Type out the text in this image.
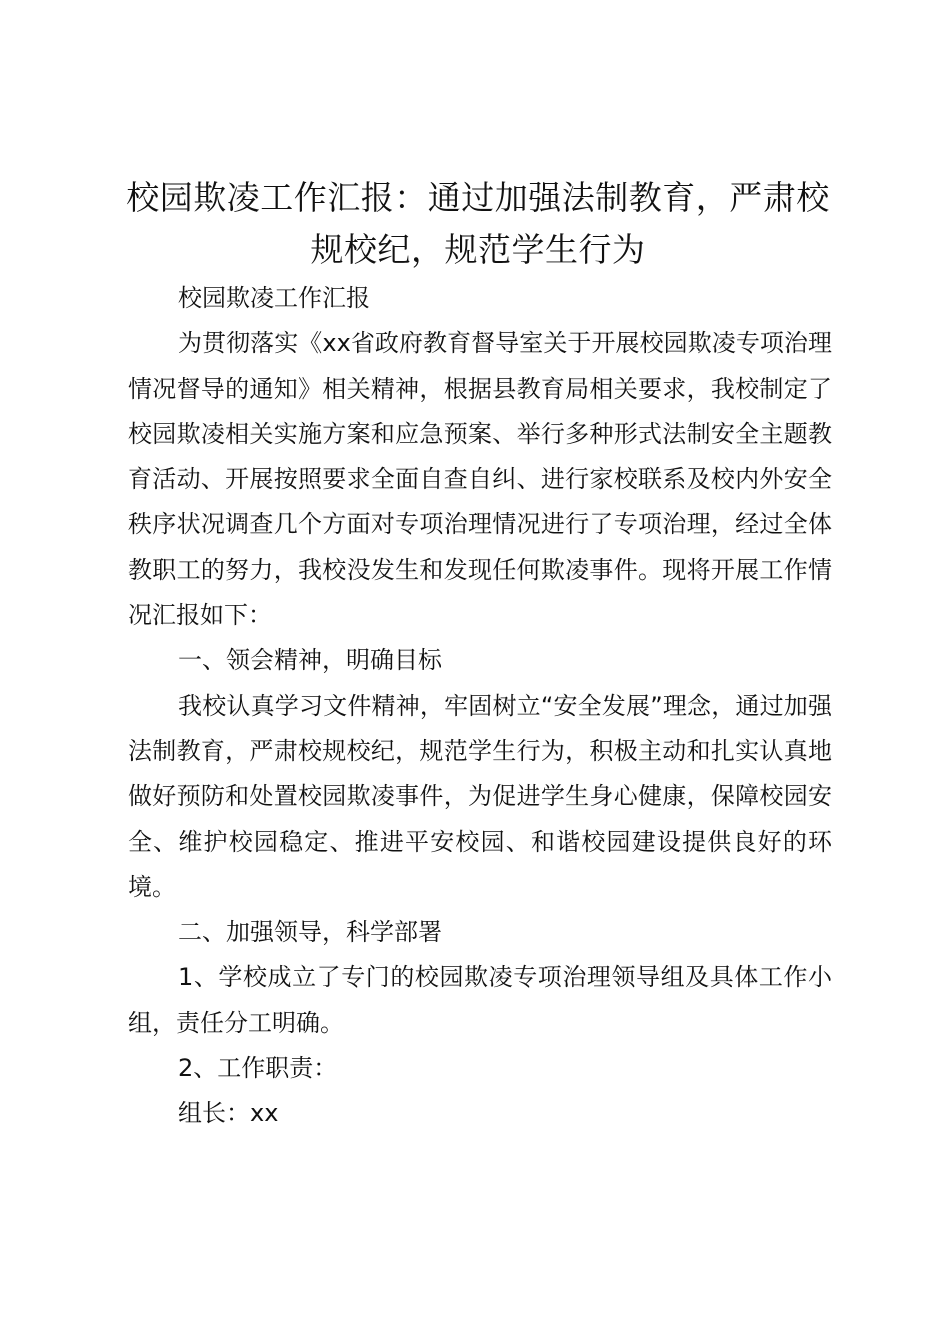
校园欺凌工作汇报：通过加强法制教育，严肃校规校纪，规范学生行为

校园欺凌工作汇报

为贯彻落实《xx省政府教育督导室关于开展校园欺凌专项治理情况督导的通知》相关精神，根据县教育局相关要求，我校制定了校园欺凌相关实施方案和应急预案、举行多种形式法制安全主题教育活动、开展按照要求全面自查自纠、进行家校联系及校内外安全秩序状况调查几个方面对专项治理情况进行了专项治理，经过全体教职工的努力，我校没发生和发现任何欺凌事件。现将开展工作情况汇报如下：

一、领会精神，明确目标

我校认真学习文件精神，牢固树立“安全发展”理念，通过加强法制教育，严肃校规校纪，规范学生行为，积极主动和扎实认真地做好预防和处置校园欺凌事件，为促进学生身心健康，保障校园安全、维护校园稳定、推进平安校园、和谐校园建设提供良好的环境。

二、加强领导，科学部署

1、学校成立了专门的校园欺凌专项治理领导组及具体工作小组，责任分工明确。

2、工作职责：

组长：xx
